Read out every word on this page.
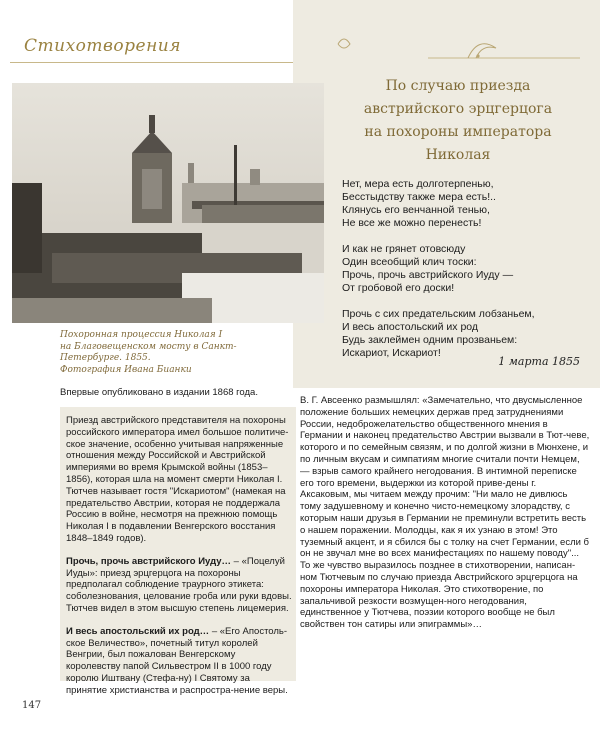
Стихотворения
Похоронная процессия Николая I
на Благовещенском мосту в Санкт-
Петербурге. 1855.
Фотография Ивана Бианки
По случаю приезда
австрийского эрцгерцога
на похороны императора
Николая
Нет, мера есть долготерпенью,
Бесстыдству также мера есть!..
Клянусь его венчанной тенью,
Не все же можно перенесть!
И как не грянет отовсюду
Один всеобщий клич тоски:
Прочь, прочь австрийского Иуду —
От гробовой его доски!
Прочь с сих предательским лобзаньем,
И весь апостольский их род
Будь заклеймен одним прозваньем:
Искариот, Искариот!
1 марта 1855
Впервые опубликовано в издании 1868 года.

Приезд австрийского представителя на похороны российского императора имел большое политиче-ское значение, особенно учитывая напряженные отношения между Российской и Австрийской империями во время Крымской войны (1853–1856), которая шла на момент смерти Николая I. Тютчев называет гостя "Искариотом" (намекая на предательство Австрии, которая не поддержала Россию в войне, несмотря на прежнюю помощь Николая I в подавлении Венгерского восстания 1848–1849 годов).

Прочь, прочь австрийского Иуду… – «Поцелуй Иуды»: приезд эрцгерцога на похороны предполагал соблюдение траурного этикета: соболезнования, целование гроба или руки вдовы. Тютчев видел в этом высшую степень лицемерия.

И весь апостольский их род… – «Его Апостоль-ское Величество», почетный титул королей Венгрии, был пожалован Венгерскому королевству папой Сильвестром II в 1000 году королю Иштвану (Стефа-ну) I Святому за принятие христианства и распростра-нение веры.

В. Г. Авсеенко размышлял: «Замечательно, что двусмысленное положение больших немецких держав пред затруднениями России, недоброжелательство общественного мнения в Германии и наконец предательство Австрии вызвали в Тют-чеве, которого и по семейным связям, и по долгой жизни в Мюнхене, и по личным вкусам и симпатиям многие считали почти Немцем, — взрыв самого крайнего негодования. В интимной переписке его того времени, выдержки из которой приве-дены г. Аксаковым, мы читаем между прочим: "Ни мало не дивлюсь тому задушевному и конечно чисто-немецкому злорадству, с которым наши друзья в Германии не преминули встретить весть о нашем поражении. Молодцы, как я их узнаю в этом! Это туземный акцент, и я сбился бы с толку на счет Германии, если б он не звучал мне во всех манифестациях по нашему поводу"... То же чувство выразилось позднее в стихотворении, написан-ном Тютчевым по случаю приезда Австрийского эрцгерцога на похороны императора Николая. Это стихотворение, по запальчивой резкости возмущен-ного негодования, единственное у Тютчева, поэзии которого вообще не был свойствен тон сатиры или эпиграммы»…

147
